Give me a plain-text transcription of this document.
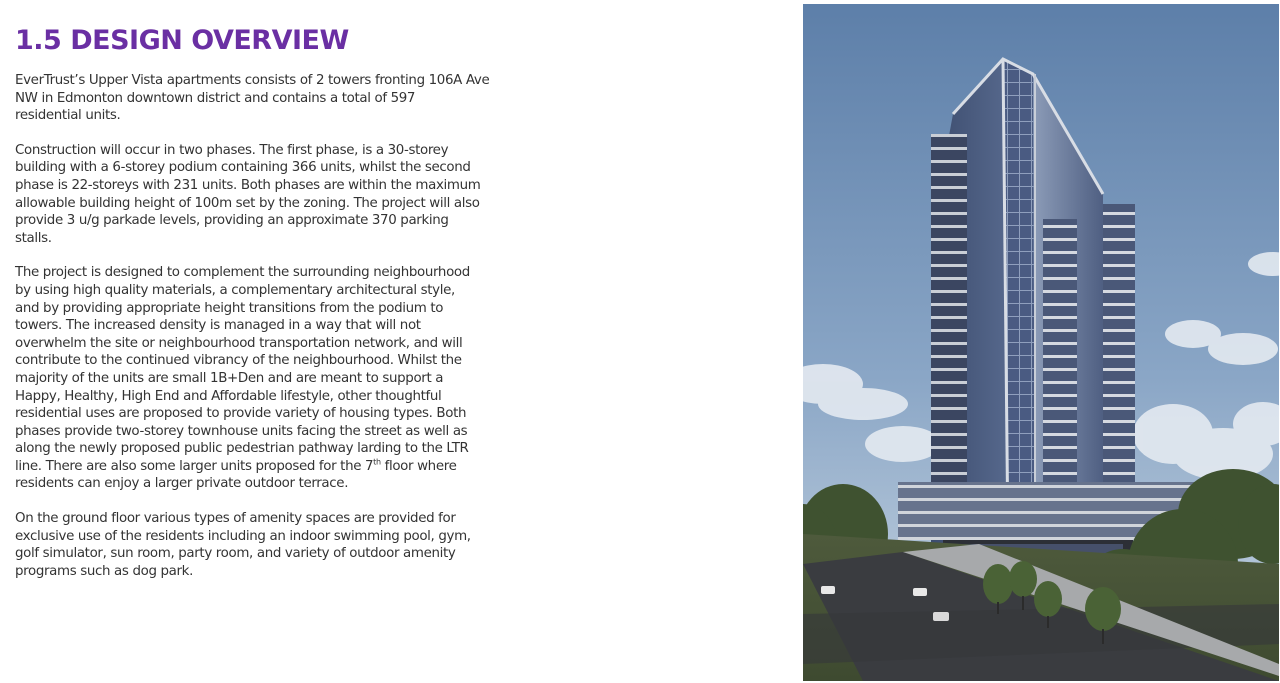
1.5 DESIGN OVERVIEW

EverTrust’s Upper Vista apartments consists of 2 towers fronting 106A Ave
NW in Edmonton downtown district and contains a total of 597
residential units.

Construction will occur in two phases. The first phase, is a 30-storey
building with a 6-storey podium containing 366 units, whilst the second
phase is 22-storeys with 231 units. Both phases are within the maximum
allowable building height of 100m set by the zoning. The project will also
provide 3 u/g parkade levels, providing an approximate 370 parking
stalls.

The project is designed to complement the surrounding neighbourhood
by using high quality materials, a complementary architectural style,
and by providing appropriate height transitions from the podium to
towers. The increased density is managed in a way that will not
overwhelm the site or neighbourhood transportation network, and will
contribute to the continued vibrancy of the neighbourhood. Whilst the
majority of the units are small 1B+Den and are meant to support a
Happy, Healthy, High End and Affordable lifestyle, other thoughtful
residential uses are proposed to provide variety of housing types. Both
phases provide two-storey townhouse units facing the street as well as
along the newly proposed public pedestrian pathway larding to the LTR
line. There are also some larger units proposed for the 7th floor where
residents can enjoy a larger private outdoor terrace.

On the ground floor various types of amenity spaces are provided for
exclusive use of the residents including an indoor swimming pool, gym,
golf simulator, sun room, party room, and variety of outdoor amenity
programs such as dog park.
